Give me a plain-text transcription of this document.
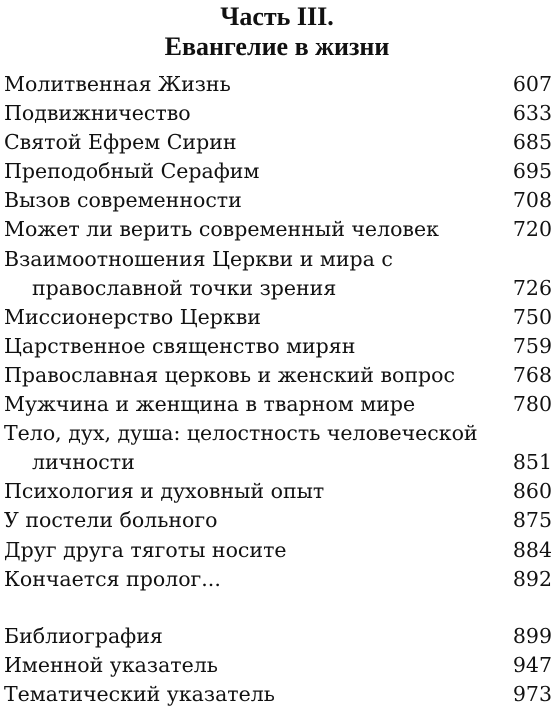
Часть III.
Евангелие в жизни
Молитвенная Жизнь	607
Подвижничество	633
Святой Ефрем Сирин	685
Преподобный Серафим	695
Вызов современности	708
Может ли верить современный человек	720
Взаимоотношения Церкви и мира с
православной точки зрения	726
Миссионерство Церкви	750
Царственное священство мирян	759
Православная церковь и женский вопрос	768
Мужчина и женщина в тварном мире	780
Тело, дух, душа: целостность человеческой
личности	851
Психология и духовный опыт	860
У постели больного	875
Друг друга тяготы носите	884
Кончается пролог...	892
Библиография	899
Именной указатель	947
Тематический указатель	973
